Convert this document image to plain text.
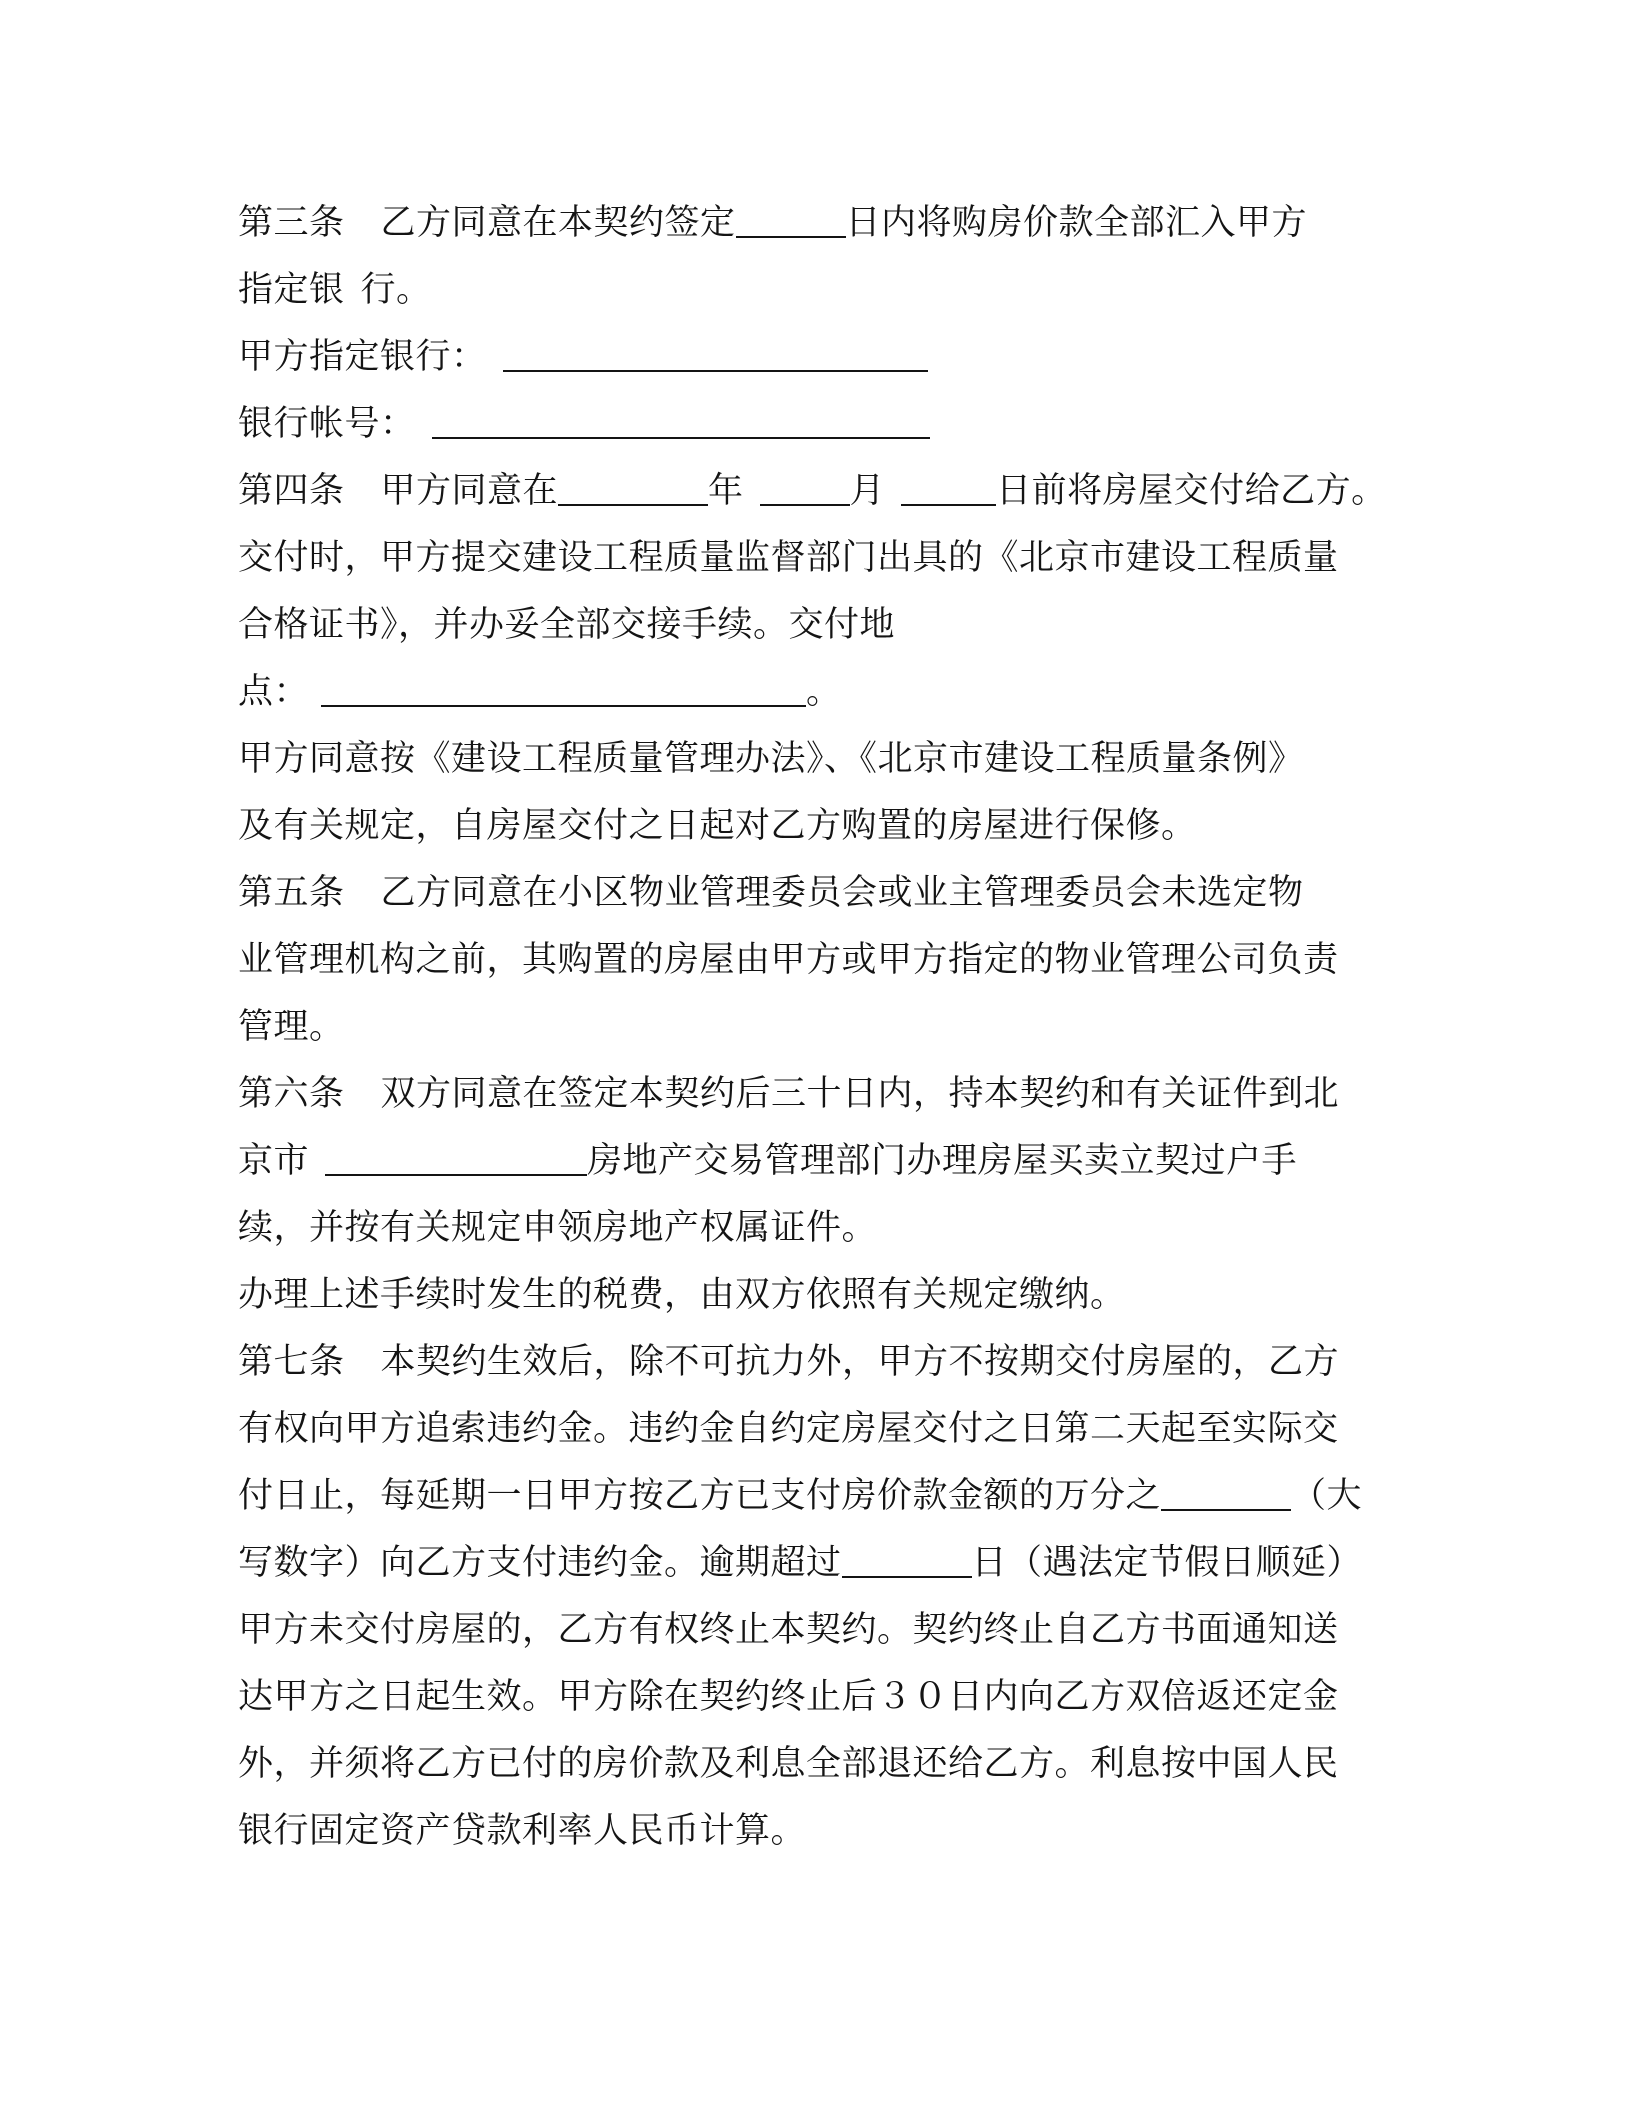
第三条 乙方同意在本契约签定	日内将购房价款全部汇入甲方
指定银 行。
甲方指定银行：
银行帐号：
第四条 甲方同意在	年	月	日前将房屋交付给乙方。
交付时，甲方提交建设工程质量监督部门出具的《北京市建设工程质量
合格证书》，并办妥全部交接手续。交付地
点：	。
甲方同意按《建设工程质量管理办法》、《北京市建设工程质量条例》
及有关规定，自房屋交付之日起对乙方购置的房屋进行保修。
第五条 乙方同意在小区物业管理委员会或业主管理委员会未选定物
业管理机构之前，其购置的房屋由甲方或甲方指定的物业管理公司负责
管理。
第六条 双方同意在签定本契约后三十日内，持本契约和有关证件到北
京市	房地产交易管理部门办理房屋买卖立契过户手
续，并按有关规定申领房地产权属证件。
办理上述手续时发生的税费，由双方依照有关规定缴纳。
第七条 本契约生效后，除不可抗力外，甲方不按期交付房屋的，乙方
有权向甲方追索违约金。违约金自约定房屋交付之日第二天起至实际交
付日止，每延期一日甲方按乙方已支付房价款金额的万分之	（大
写数字）向乙方支付违约金。逾期超过	日（遇法定节假日顺延）
甲方未交付房屋的，乙方有权终止本契约。契约终止自乙方书面通知送
达甲方之日起生效。甲方除在契约终止后３０日内向乙方双倍返还定金
外，并须将乙方已付的房价款及利息全部退还给乙方。利息按中国人民
银行固定资产贷款利率人民币计算。
